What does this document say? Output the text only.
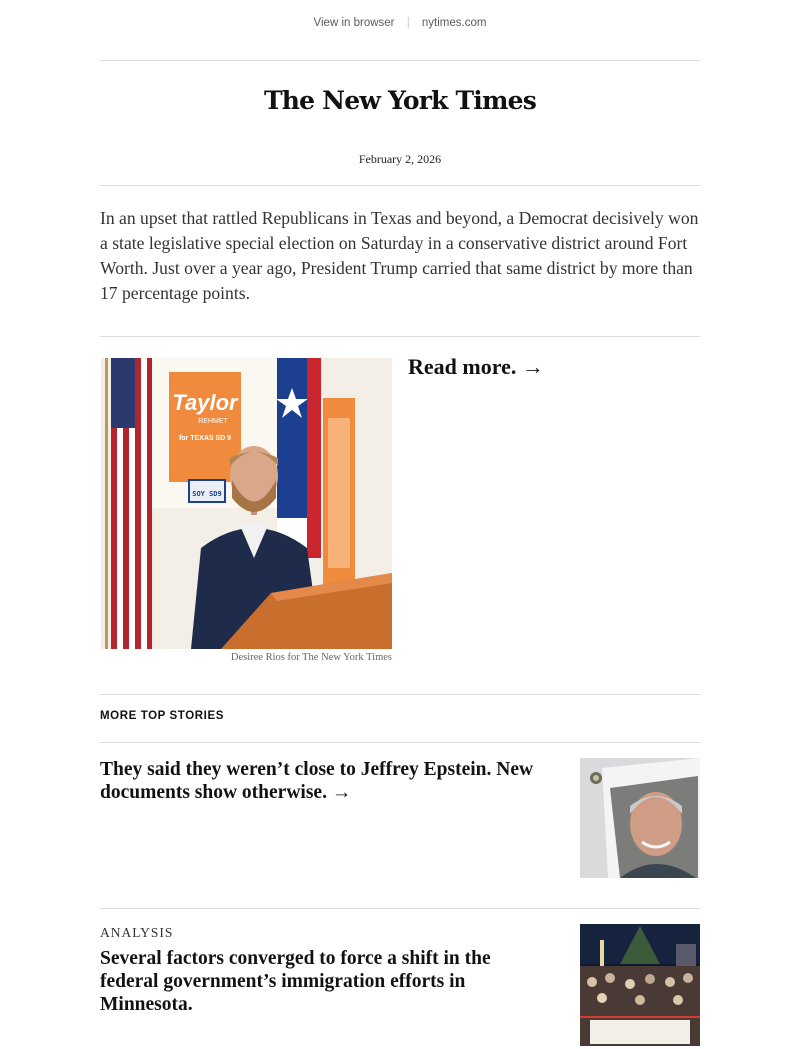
View in browser | nytimes.com
The New York Times
February 2, 2026

In an upset that rattled Republicans in Texas and beyond, a Democrat decisively won a state legislative special election on Saturday in a conservative district around Fort Worth. Just over a year ago, President Trump carried that same district by more than 17 percentage points.

Taylor
REHMET
for TEXAS SD 9
SOY SD9
Desiree Rios for The New York Times
Read more. →
MORE TOP STORIES
They said they weren’t close to Jeffrey Epstein. New documents show otherwise. →
ANALYSIS
Several factors converged to force a shift in the federal government’s immigration efforts in Minnesota.
